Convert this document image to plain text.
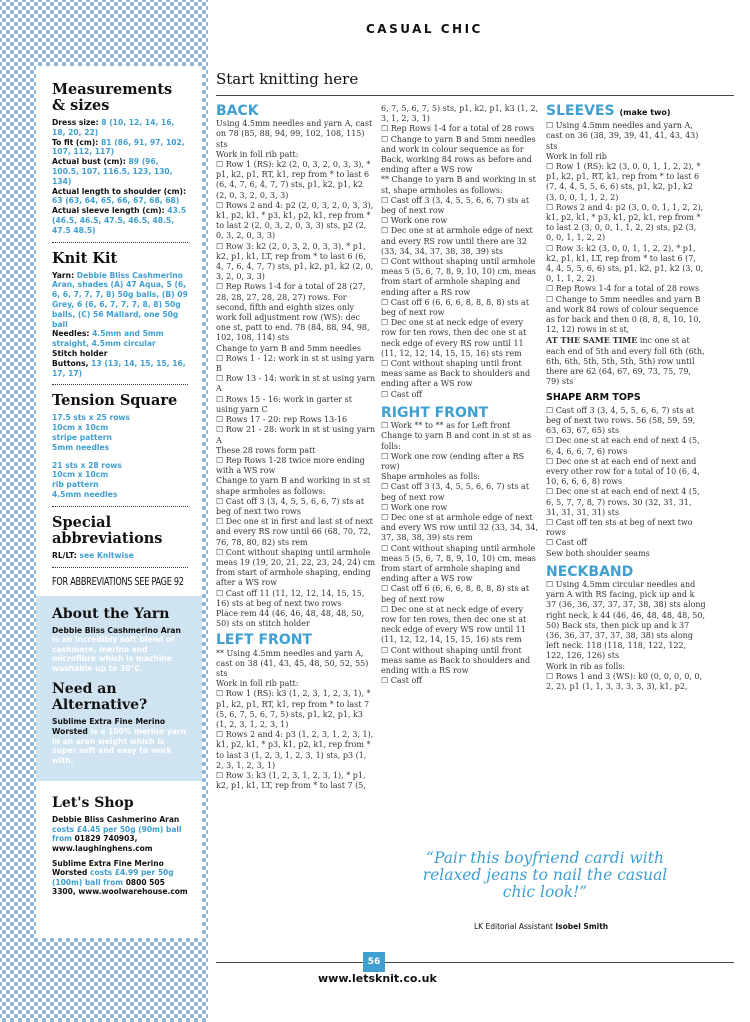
CASUAL CHIC
Start knitting here
Measurements & sizes

Dress size: 8 (10, 12, 14, 16, 18, 20, 22)

To fit (cm): 81 (86, 91, 97, 102, 107, 112, 117)

Actual bust (cm): 89 (96, 100.5, 107, 116.5, 123, 130, 134)

Actual length to shoulder (cm): 63 (63, 64, 65, 66, 67, 68, 68)

Actual sleeve length (cm): 43.5 (46.5, 46.5, 47.5, 46.5, 48.5, 47.5 48.5)

Knit Kit

Yarn: Debbie Bliss Cashmerino Aran, shades (A) 47 Aqua, 5 (6, 6, 6, 7, 7, 7, 8) 50g balls, (B) 09 Grey, 6 (6, 6, 7, 7, 7, 8, 8) 50g balls, (C) 56 Mallard, one 50g ball

Needles: 4.5mm and 5mm straight, 4.5mm circular

Stitch holder

Buttons, 13 (13, 14, 15, 15, 16, 17, 17)

Tension Square

17.5 sts x 25 rows

10cm x 10cm

stripe pattern

5mm needles

21 sts x 28 rows

10cm x 10cm

rib pattern

4.5mm needles

Special abbreviations

RL/LT: see Knitwise

FOR ABBREVIATIONS SEE PAGE 92
About the Yarn

Debbie Bliss Cashmerino Aran is an incredibly soft blend of cashmere, merino and microfibre which is machine washable up to 30°C.

Need an Alternative?

Sublime Extra Fine Merino Worsted is a 100% merino yarn in an aran weight which is super soft and easy to work with.

Let's Shop

Debbie Bliss Cashmerino Aran costs £4.45 per 50g (90m) ball from 01829 740903, www.laughinghens.com

Sublime Extra Fine Merino Worsted costs £4.99 per 50g (100m) ball from 0800 505 3300, www.woolwarehouse.com

BACK

Using 4.5mm needles and yarn A, cast on 78 (85, 88, 94, 99, 102, 108, 115) sts

Work in foll rib patt:

☐ Row 1 (RS): k2 (2, 0, 3, 2, 0, 3, 3), * p1, k2, p1, RT, k1, rep from * to last 6 (6, 4, 7, 6, 4, 7, 7) sts, p1, k2, p1, k2 (2, 0, 3, 2, 0, 3, 3)

☐ Rows 2 and 4: p2 (2, 0, 3, 2, 0, 3, 3), k1, p2, k1, * p3, k1, p2, k1, rep from * to last 2 (2, 0, 3, 2, 0, 3, 3) sts, p2 (2, 0, 3, 2, 0, 3, 3)

☐ Row 3: k2 (2, 0, 3, 2, 0, 3, 3), * p1, k2, p1, k1, LT, rep from * to last 6 (6, 4, 7, 6, 4, 7, 7) sts, p1, k2, p1, k2 (2, 0, 3, 2, 0, 3, 3)

☐ Rep Rows 1-4 for a total of 28 (27, 28, 28, 27, 28, 28, 27) rows. For second, fifth and eighth sizes only work foll adjustment row (WS): dec one st, patt to end. 78 (84, 88, 94, 98, 102, 108, 114) sts

Change to yarn B and 5mm needles

☐ Rows 1 - 12: work in st st using yarn B

☐ Row 13 - 14: work in st st using yarn A

☐ Rows 15 - 16: work in garter st using yarn C

☐ Rows 17 - 20: rep Rows 13-16

☐ Row 21 - 28: work in st st using yarn A

These 28 rows form patt

☐ Rep Rows 1-28 twice more ending with a WS row

Change to yarn B and working in st st shape armholes as follows:

☐ Cast off 3 (3, 4, 5, 5, 6, 6, 7) sts at beg of next two rows

☐ Dec one st in first and last st of next and every RS row until 66 (68, 70, 72, 76, 78, 80, 82) sts rem

☐ Cont without shaping until armhole meas 19 (19, 20, 21, 22, 23, 24, 24) cm from start of armhole shaping, ending after a WS row

☐ Cast off 11 (11, 12, 12, 14, 15, 15, 16) sts at beg of next two rows

Place rem 44 (46, 46, 48, 48, 48, 50, 50) sts on stitch holder

LEFT FRONT

** Using 4.5mm needles and yarn A, cast on 38 (41, 43, 45, 48, 50, 52, 55) sts

Work in foll rib patt:

☐ Row 1 (RS): k3 (1, 2, 3, 1, 2, 3, 1), * p1, k2, p1, RT, k1, rep from * to last 7 (5, 6, 7, 5, 6, 7, 5) sts, p1, k2, p1, k3 (1, 2, 3, 1, 2, 3, 1)

☐ Rows 2 and 4: p3 (1, 2, 3, 1, 2, 3, 1), k1, p2, k1, * p3, k1, p2, k1, rep from * to last 3 (1, 2, 3, 1, 2, 3, 1) sts, p3 (1, 2, 3, 1, 2, 3, 1)

☐ Row 3: k3 (1, 2, 3, 1, 2, 3, 1), * p1, k2, p1, k1, LT, rep from * to last 7 (5,

6, 7, 5, 6, 7, 5) sts, p1, k2, p1, k3 (1, 2, 3, 1, 2, 3, 1)

☐ Rep Rows 1-4 for a total of 28 rows

☐ Change to yarn B and 5mm needles and work in colour sequence as for Back, working 84 rows as before and ending after a WS row

** Change to yarn B and working in st st, shape armholes as follows:

☐ Cast off 3 (3, 4, 5, 5, 6, 6, 7) sts at beg of next row

☐ Work one row

☐ Dec one st at armhole edge of next and every RS row until there are 32 (33, 34, 34, 37, 38, 38, 39) sts

☐ Cont without shaping until armhole meas 5 (5, 6, 7, 8, 9, 10, 10) cm, meas from start of armhole shaping and ending after a RS row

☐ Cast off 6 (6, 6, 6, 8, 8, 8, 8) sts at beg of next row

☐ Dec one st at neck edge of every row for ten rows, then dec one st at neck edge of every RS row until 11 (11, 12, 12, 14, 15, 15, 16) sts rem

☐ Cont without shaping until front meas same as Back to shoulders and ending after a WS row

☐ Cast off

RIGHT FRONT

☐ Work ** to ** as for Left front

Change to yarn B and cont in st st as folls:

☐ Work one row (ending after a RS row)

Shape armholes as folls:

☐ Cast off 3 (3, 4, 5, 5, 6, 6, 7) sts at beg of next row

☐ Work one row

☐ Dec one st at armhole edge of next and every WS row until 32 (33, 34, 34, 37, 38, 38, 39) sts rem

☐ Cont without shaping until armhole meas 5 (5, 6, 7, 8, 9, 10, 10) cm, meas from start of armhole shaping and ending after a WS row

☐ Cast off 6 (6, 6, 6, 8, 8, 8, 8) sts at beg of next row

☐ Dec one st at neck edge of every row for ten rows, then dec one st at neck edge of every WS row until 11 (11, 12, 12, 14, 15, 15, 16) sts rem

☐ Cont without shaping until front meas same as Back to shoulders and ending with a RS row

☐ Cast off

SLEEVES (make two)

☐ Using 4.5mm needles and yarn A, cast on 36 (38, 39, 39, 41, 41, 43, 43) sts

Work in foll rib

☐ Row 1 (RS): k2 (3, 0, 0, 1, 1, 2, 2), * p1, k2, p1, RT, k1, rep from * to last 6 (7, 4, 4, 5, 5, 6, 6) sts, p1, k2, p1, k2 (3, 0, 0, 1, 1, 2, 2)

☐ Rows 2 and 4: p2 (3, 0, 0, 1, 1, 2, 2), k1, p2, k1, * p3, k1, p2, k1, rep from * to last 2 (3, 0, 0, 1, 1, 2, 2) sts, p2 (3, 0, 0, 1, 1, 2, 2)

☐ Row 3: k2 (3, 0, 0, 1, 1, 2, 2), * p1, k2, p1, k1, LT, rep from * to last 6 (7, 4, 4, 5, 5, 6, 6) sts, p1, k2, p1, k2 (3, 0, 0, 1, 1, 2, 2)

☐ Rep Rows 1-4 for a total of 28 rows

☐ Change to 5mm needles and yarn B and work 84 rows of colour sequence as for back and then 0 (8, 8, 8, 10, 10, 12, 12) rows in st st,

AT THE SAME TIME inc one st at each end of 5th and every foll 6th (6th, 6th, 6th, 5th, 5th, 5th, 5th) row until there are 62 (64, 67, 69, 73, 75, 79, 79) sts

SHAPE ARM TOPS

☐ Cast off 3 (3, 4, 5, 5, 6, 6, 7) sts at beg of next two rows. 56 (58, 59, 59, 63, 63, 67, 65) sts

☐ Dec one st at each end of next 4 (5, 6, 4, 6, 6, 7, 6) rows

☐ Dec one st at each end of next and every other row for a total of 10 (6, 4, 10, 6, 6, 6, 8) rows

☐ Dec one st at each end of next 4 (5, 6, 5, 7, 7, 8, 7) rows. 30 (32, 31, 31, 31, 31, 31, 31) sts

☐ Cast off ten sts at beg of next two rows

☐ Cast off

Sew both shoulder seams

NECKBAND

☐ Using 4.5mm circular needles and yarn A with RS facing, pick up and k 37 (36, 36, 37, 37, 37, 38, 38) sts along right neck, k 44 (46, 46, 48, 48, 48, 50, 50) Back sts, then pick up and k 37 (36, 36, 37, 37, 37, 38, 38) sts along left neck. 118 (118, 118, 122, 122, 122, 126, 126) sts

Work in rib as folls:

☐ Rows 1 and 3 (WS): k0 (0, 0, 0, 0, 0, 2, 2), p1 (1, 1, 3, 3, 3, 3, 3), k1, p2,

“Pair this boyfriend cardi with relaxed jeans to nail the casual chic look!”
LK Editorial Assistant Isobel Smith
56
www.letsknit.co.uk
